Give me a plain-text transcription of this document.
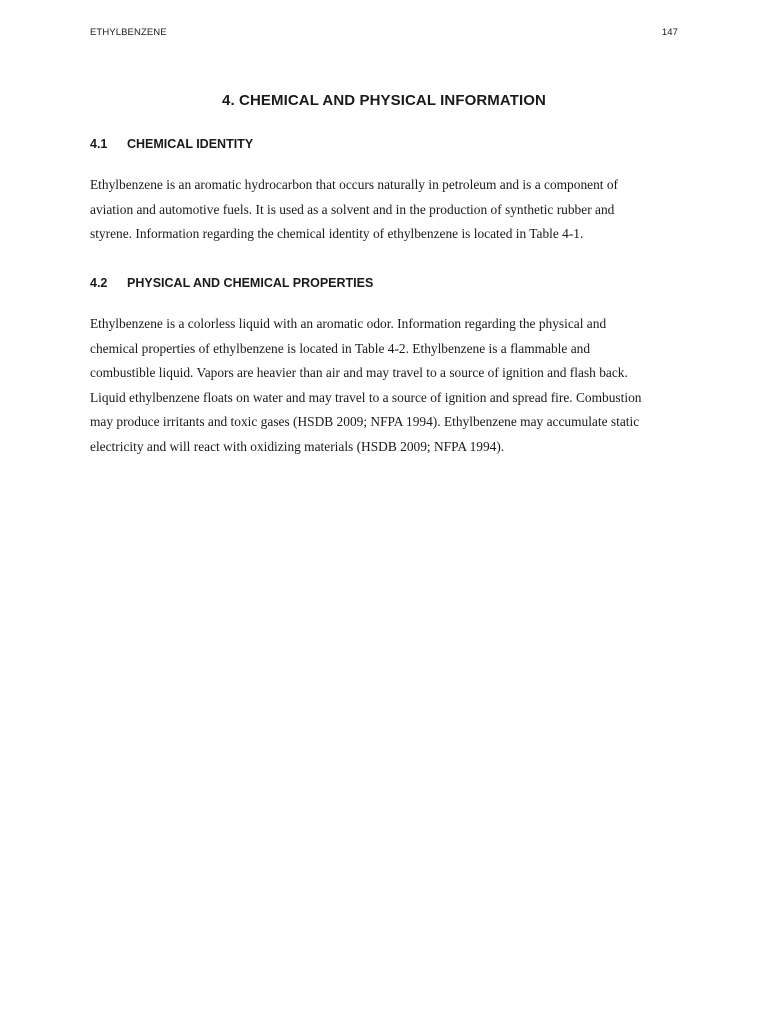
ETHYLBENZENE	147
4. CHEMICAL AND PHYSICAL INFORMATION
4.1 CHEMICAL IDENTITY
Ethylbenzene is an aromatic hydrocarbon that occurs naturally in petroleum and is a component of
aviation and automotive fuels. It is used as a solvent and in the production of synthetic rubber and
styrene. Information regarding the chemical identity of ethylbenzene is located in Table 4-1.
4.2 PHYSICAL AND CHEMICAL PROPERTIES
Ethylbenzene is a colorless liquid with an aromatic odor. Information regarding the physical and
chemical properties of ethylbenzene is located in Table 4-2. Ethylbenzene is a flammable and
combustible liquid. Vapors are heavier than air and may travel to a source of ignition and flash back.
Liquid ethylbenzene floats on water and may travel to a source of ignition and spread fire. Combustion
may produce irritants and toxic gases (HSDB 2009; NFPA 1994). Ethylbenzene may accumulate static
electricity and will react with oxidizing materials (HSDB 2009; NFPA 1994).
